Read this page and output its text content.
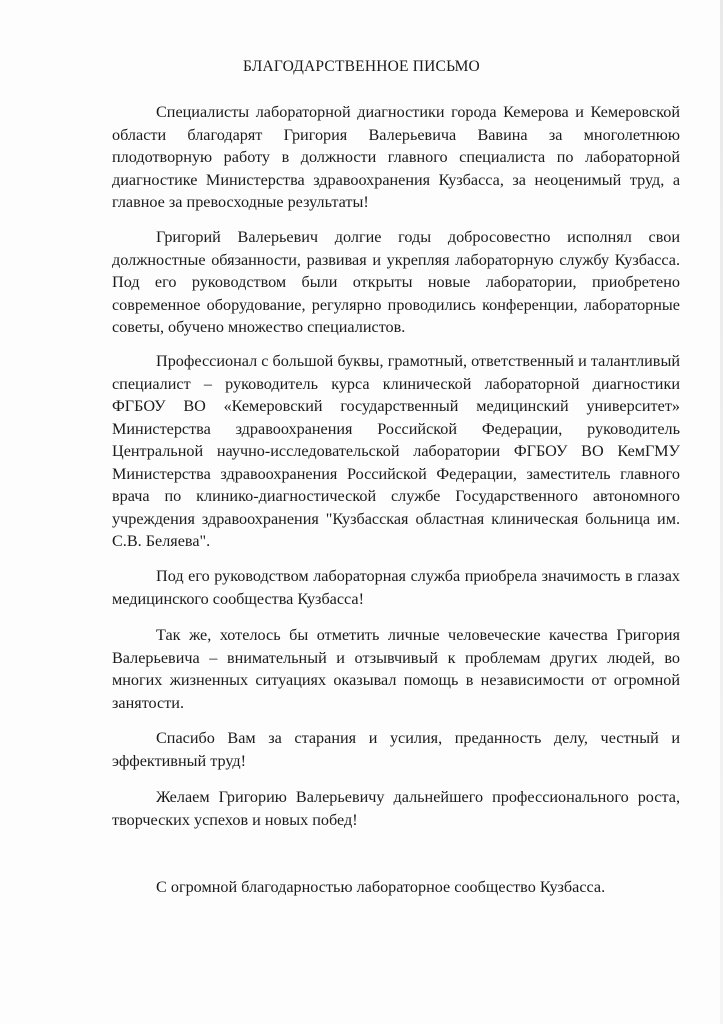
БЛАГОДАРСТВЕННОЕ ПИСЬМО

Специалисты лабораторной диагностики города Кемерова и Кемеровской области благодарят Григория Валерьевича Вавина за многолетнюю плодотворную работу в должности главного специалиста по лабораторной диагностике Министерства здравоохранения Кузбасса, за неоценимый труд, а главное за превосходные результаты!

Григорий Валерьевич долгие годы добросовестно исполнял свои должностные обязанности, развивая и укрепляя лабораторную службу Кузбасса. Под его руководством были открыты новые лаборатории, приобретено современное оборудование, регулярно проводились конференции, лабораторные советы, обучено множество специалистов.

Профессионал с большой буквы, грамотный, ответственный и талантливый специалист – руководитель курса клинической лабораторной диагностики ФГБОУ ВО «Кемеровский государственный медицинский университет» Министерства здравоохранения Российской Федерации, руководитель Центральной научно-исследовательской лаборатории ФГБОУ ВО КемГМУ Министерства здравоохранения Российской Федерации, заместитель главного врача по клинико-диагностической службе Государственного автономного учреждения здравоохранения "Кузбасская областная клиническая больница им. С.В. Беляева".

Под его руководством лабораторная служба приобрела значимость в глазах медицинского сообщества Кузбасса!

Так же, хотелось бы отметить личные человеческие качества Григория Валерьевича – внимательный и отзывчивый к проблемам других людей, во многих жизненных ситуациях оказывал помощь в независимости от огромной занятости.

Спасибо Вам за старания и усилия, преданность делу, честный и эффективный труд!

Желаем Григорию Валерьевичу дальнейшего профессионального роста, творческих успехов и новых побед!

С огромной благодарностью лабораторное сообщество Кузбасса.
